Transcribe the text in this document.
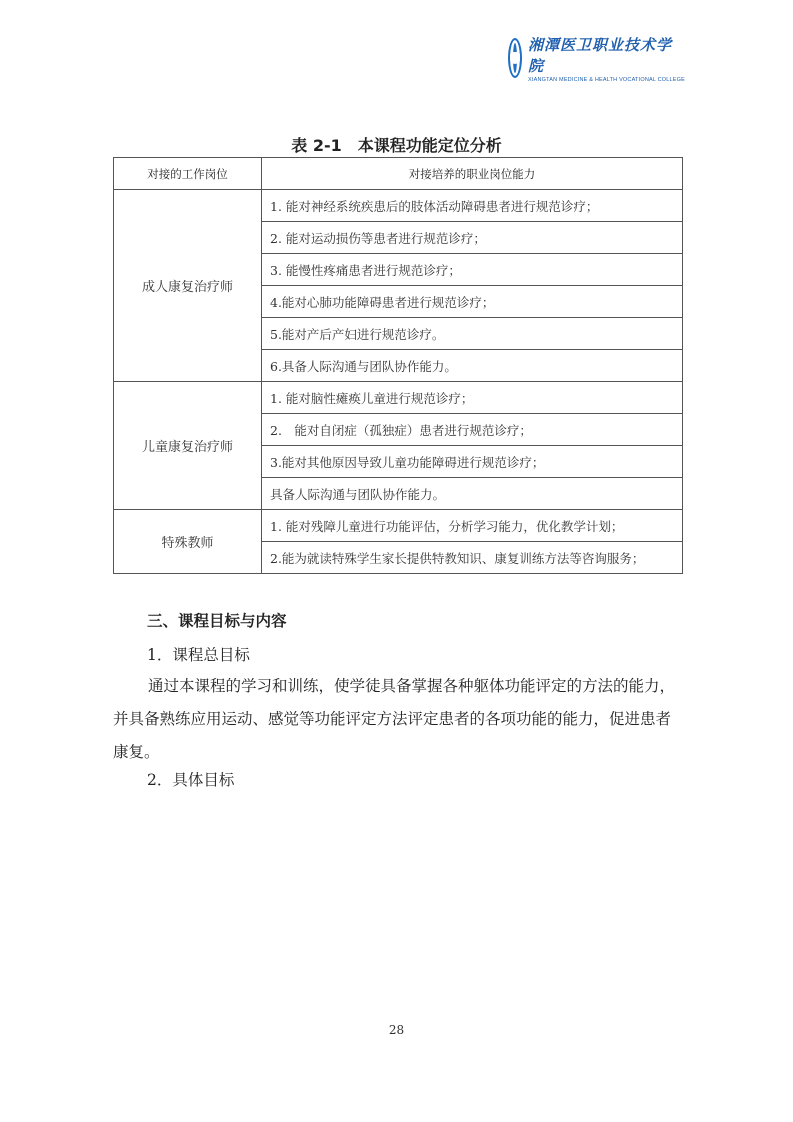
湘潭医卫职业技术学院
XIANGTAN MEDICINE & HEALTH VOCATIONAL COLLEGE
表 2-1　本课程功能定位分析
对接的工作岗位	对接培养的职业岗位能力
成人康复治疗师	1. 能对神经系统疾患后的肢体活动障碍患者进行规范诊疗；
	2. 能对运动损伤等患者进行规范诊疗；
	3. 能慢性疼痛患者进行规范诊疗；
	4.能对心肺功能障碍患者进行规范诊疗；
	5.能对产后产妇进行规范诊疗。
	6.具备人际沟通与团队协作能力。
儿童康复治疗师	1. 能对脑性瘫痪儿童进行规范诊疗；
	2.　能对自闭症（孤独症）患者进行规范诊疗；
	3.能对其他原因导致儿童功能障碍进行规范诊疗；
	具备人际沟通与团队协作能力。
特殊教师	1. 能对残障儿童进行功能评估，分析学习能力，优化教学计划；
	2.能为就读特殊学生家长提供特教知识、康复训练方法等咨询服务；
三、课程目标与内容
1．课程总目标
通过本课程的学习和训练，使学徒具备掌握各种躯体功能评定的方法的能力，并具备熟练应用运动、感觉等功能评定方法评定患者的各项功能的能力，促进患者康复。
2．具体目标
28
